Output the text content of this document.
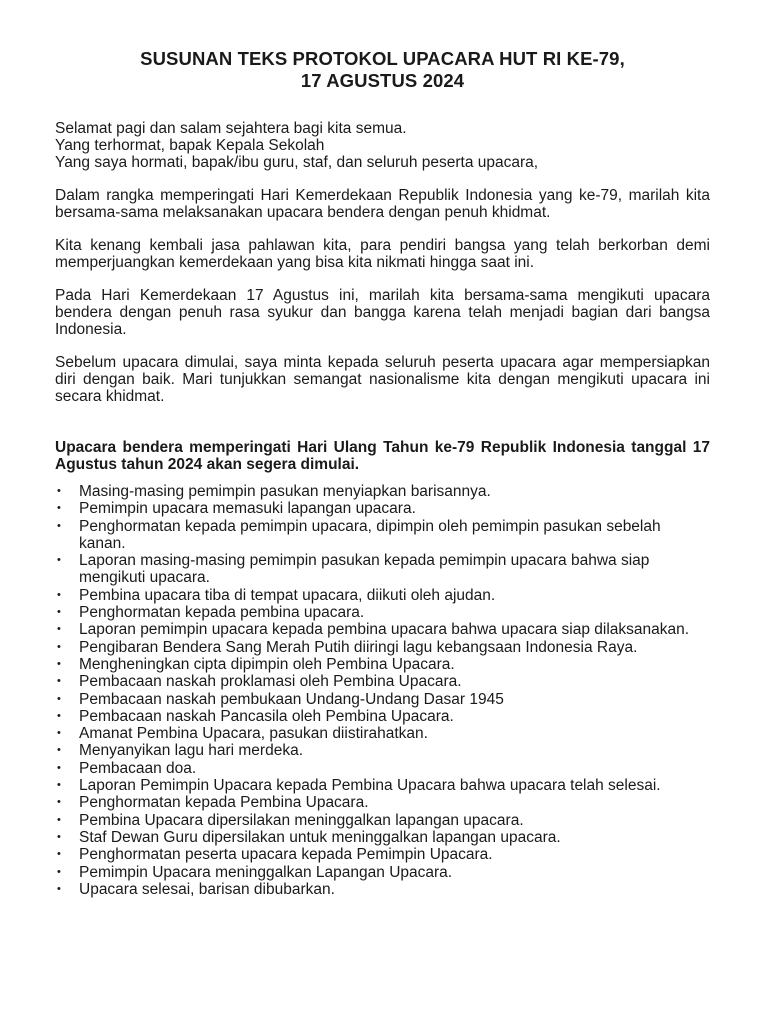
SUSUNAN TEKS PROTOKOL UPACARA HUT RI KE-79,
17 AGUSTUS 2024
Selamat pagi dan salam sejahtera bagi kita semua.
Yang terhormat, bapak Kepala Sekolah
Yang saya hormati, bapak/ibu guru, staf, dan seluruh peserta upacara,

Dalam rangka memperingati Hari Kemerdekaan Republik Indonesia yang ke-79, marilah kita bersama-sama melaksanakan upacara bendera dengan penuh khidmat.

Kita kenang kembali jasa pahlawan kita, para pendiri bangsa yang telah berkorban demi memperjuangkan kemerdekaan yang bisa kita nikmati hingga saat ini.

Pada Hari Kemerdekaan 17 Agustus ini, marilah kita bersama-sama mengikuti upacara bendera dengan penuh rasa syukur dan bangga karena telah menjadi bagian dari bangsa Indonesia.

Sebelum upacara dimulai, saya minta kepada seluruh peserta upacara agar mempersiapkan diri dengan baik. Mari tunjukkan semangat nasionalisme kita dengan mengikuti upacara ini secara khidmat.

Upacara bendera memperingati Hari Ulang Tahun ke-79 Republik Indonesia tanggal 17 Agustus tahun 2024 akan segera dimulai.

• Masing-masing pemimpin pasukan menyiapkan barisannya.
• Pemimpin upacara memasuki lapangan upacara.
• Penghormatan kepada pemimpin upacara, dipimpin oleh pemimpin pasukan sebelah kanan.
• Laporan masing-masing pemimpin pasukan kepada pemimpin upacara bahwa siap mengikuti upacara.
• Pembina upacara tiba di tempat upacara, diikuti oleh ajudan.
• Penghormatan kepada pembina upacara.
• Laporan pemimpin upacara kepada pembina upacara bahwa upacara siap dilaksanakan.
• Pengibaran Bendera Sang Merah Putih diiringi lagu kebangsaan Indonesia Raya.
• Mengheningkan cipta dipimpin oleh Pembina Upacara.
• Pembacaan naskah proklamasi oleh Pembina Upacara.
• Pembacaan naskah pembukaan Undang-Undang Dasar 1945
• Pembacaan naskah Pancasila oleh Pembina Upacara.
• Amanat Pembina Upacara, pasukan diistirahatkan.
• Menyanyikan lagu hari merdeka.
• Pembacaan doa.
• Laporan Pemimpin Upacara kepada Pembina Upacara bahwa upacara telah selesai.
• Penghormatan kepada Pembina Upacara.
• Pembina Upacara dipersilakan meninggalkan lapangan upacara.
• Staf Dewan Guru dipersilakan untuk meninggalkan lapangan upacara.
• Penghormatan peserta upacara kepada Pemimpin Upacara.
• Pemimpin Upacara meninggalkan Lapangan Upacara.
• Upacara selesai, barisan dibubarkan.
